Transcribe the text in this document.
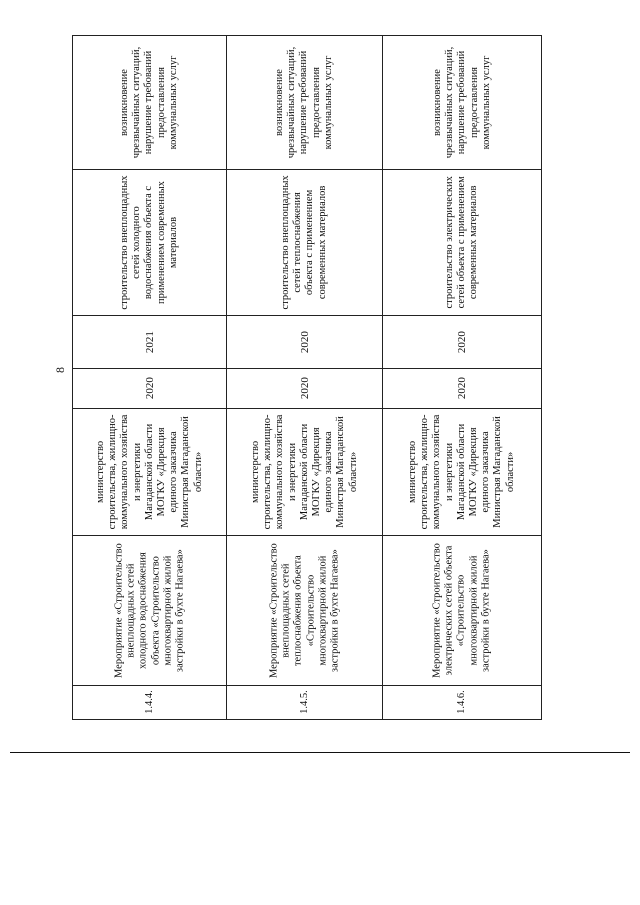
8
возникновение чрезвычайных ситуаций, нарушение требований предоставления коммунальных услуг
строительство внеплощадных сетей холодного водоснабжения объекта с применением современных материалов
2021
2020
министерство строительства, жилищно-коммунального хозяйства и энергетики Магаданской области МОГКУ «Дирекция единого заказчика Министрая Магаданской области»
Мероприятие «Строительство внеплощадных сетей холодного водоснабжения объекта «Строительство многоквартирной жилой застройки в бухте Нагаева»
1.4.4.
возникновение чрезвычайных ситуаций, нарушение требований предоставления коммунальных услуг
строительство внеплощадных сетей теплоснабжения объекта с применением современных материалов
2020
2020
министерство строительства, жилищно-коммунального хозяйства и энергетики Магаданской области МОГКУ «Дирекция единого заказчика Министрая Магаданской области»
Мероприятие «Строительство внеплощадных сетей теплоснабжения объекта «Строительство многоквартирной жилой застройки в бухте Нагаева»
1.4.5.
возникновение чрезвычайных ситуаций, нарушение требований предоставления коммунальных услуг
строительство электрических сетей объекта с применением современных материалов
2020
2020
министерство строительства, жилищно-коммунального хозяйства и энергетики Магаданской области МОГКУ «Дирекция единого заказчика Министрая Магаданской области»
Мероприятие «Строительство электрических сетей объекта «Строительство многоквартирной жилой застройки в бухте Нагаева»
1.4.6.
